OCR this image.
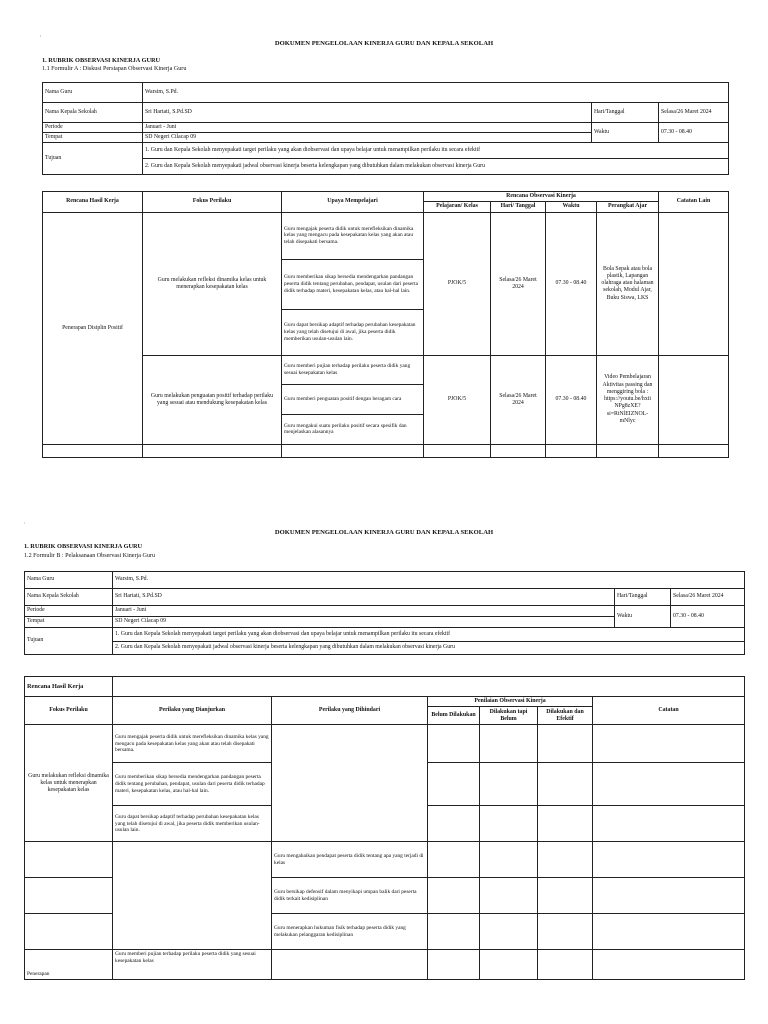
,
DOKUMEN PENGELOLAAN KINERJA GURU DAN KEPALA SEKOLAH
1. RUBRIK OBSERVASI KINERJA GURU
1.1 Formulir A : Diskusi Persiapan Observasi Kinerja Guru
Nama Guru	Warsim, S.Pd.		
Nama Kepala Sekolah	Sri Hartati, S.Pd.SD	Hari/Tanggal	Selasa/26 Maret 2024
Periode	Januari - Juni	Waktu	07.30 - 08.40
Tempat	SD Negeri Cilacap 09		
Tujuan	1. Guru dan Kepala Sekolah menyepakati target perilaku yang akan diobservasi dan upaya belajar untuk menampilkan perilaku itu secara efektif		
	2. Guru dan Kepala Sekolah menyepakati jadwal observasi kinerja beserta kelengkapan yang dibutuhkan dalam melakukan observasi kinerja Guru		
Rencana Hasil Kerja	Fokus Perilaku	Upaya Mempelajari	Rencana Observasi Kinerja				Catatan Lain
			Pelajaran/ Kelas	Hari/ Tanggal	Waktu	Perangkat Ajar	
Penerapan Disiplin Positif	Guru melakukan refleksi dinamika kelas untuk menerapkan kesepakatan kelas	Guru mengajak peserta didik untuk merefleksikan dinamika kelas yang mengacu pada kesepakatan kelas yang akan atau telah disepakati bersama.	PJOK/5	Selasa/26 Maret 2024	07.30 - 08.40	Bola Sepak atau bola plastik, Lapangan olahraga atau halaman sekolah, Modul Ajar, Buku Siswa, LKS	
		Guru memberikan sikap bersedia mendengarkan pandangan peserta didik tentang perubahan, pendapat, usulan dari peserta didik terhadap materi, kesepakatan kelas, atau hal-hal lain.					
		Guru dapat bersikap adaptif terhadap perubahan kesepakatan kelas yang telah disetujui di awal, jika peserta didik memberikan usulan-usulan lain.					
	Guru melakukan penguatan positif terhadap perilaku yang sesuai atau mendukung kesepakatan kelas	Guru memberi pujian terhadap perilaku peserta didik yang sesuai kesepakatan kelas	PJOK/5	Selasa/26 Maret 2024	07.30 - 08.40	Video Pembelajaran Aktivitas passing dan menggiring bola : https://youtu.be/hxii NPg8zXE? si=RtNlEIZNOL-mNlyc	
		Guru memberi penguatan positif dengan beragam cara					
		Guru mengakui suatu perilaku positif secara spesifik dan menjelaskan alasannya					

'
DOKUMEN PENGELOLAAN KINERJA GURU DAN KEPALA SEKOLAH
1. RUBRIK OBSERVASI KINERJA GURU
1.2 Formulir B : Pelaksanaan Observasi Kinerja Guru
Nama Guru	Warsim, S.Pd.		
Nama Kepala Sekolah	Sri Hartati, S.Pd.SD	Hari/Tanggal	Selasa/26 Maret 2024
Periode	Januari - Juni	Waktu	07.30 - 08.40
Tempat	SD Negeri Cilacap 09		
Tujuan	1. Guru dan Kepala Sekolah menyepakati target perilaku yang akan diobservasi dan upaya belajar untuk menampilkan perilaku itu secara efektif		
	2. Guru dan Kepala Sekolah menyepakati jadwal observasi kinerja beserta kelengkapan yang dibutuhkan dalam melakukan observasi kinerja Guru		
Rencana Hasil Kerja						
Fokus Perilaku	Perilaku yang Dianjurkan	Perilaku yang Dihindari	Penilaian Observasi Kinerja			Catatan
			Belum Dilakukan	Dilakukan tapi Belum	Dilakukan dan Efektif	
Guru melakukan refleksi dinamika kelas untuk menerapkan kesepakatan kelas	Guru mengajak peserta didik untuk merefleksikan dinamika kelas yang mengacu pada kesepakatan kelas yang akan atau telah disepakati bersama.					
	Guru memberikan sikap bersedia mendengarkan pandangan peserta didik tentang perubahan, pendapat, usulan dari peserta didik terhadap materi, kesepakatan kelas, atau hal-hal lain.					
	Guru dapat bersikap adaptif terhadap perubahan kesepakatan kelas yang telah disetujui di awal, jika peserta didik memberikan usulan-usulan lain.					
		Guru mengabaikan pendapat peserta didik tentang apa yang terjadi di kelas				
		Guru bersikap defensif dalam menyikapi umpan balik dari peserta didik terkait kedisiplinan				
		Guru menerapkan hukuman fisik terhadap peserta didik yang melakukan pelanggaran kedisiplinan				

Penerapan	Guru memberi pujian terhadap perilaku peserta didik yang sesuai kesepakatan kelas					
